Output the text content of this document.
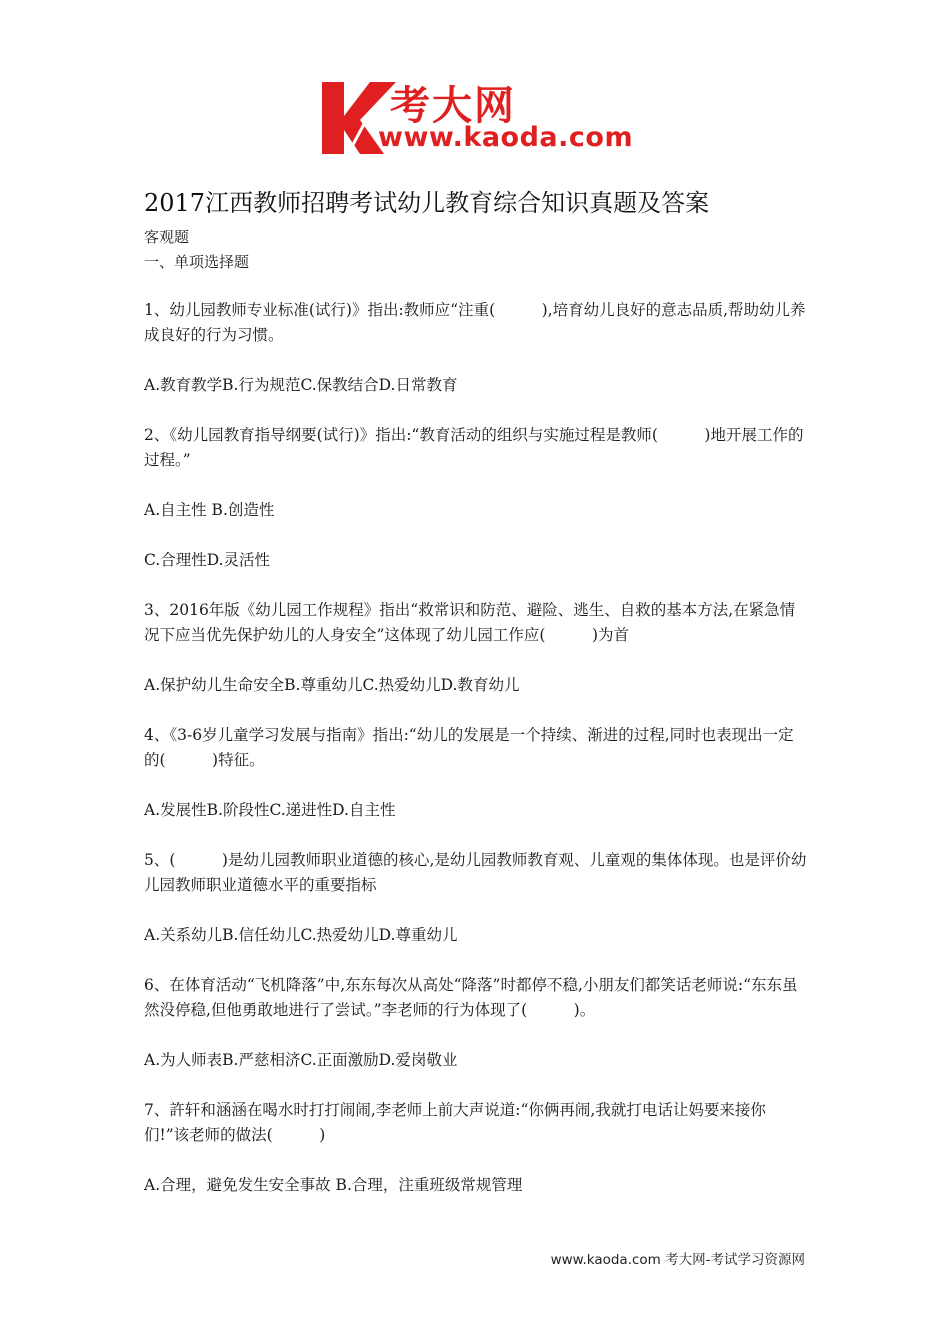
考大网
www.kaoda.com
2017江西教师招聘考试幼儿教育综合知识真题及答案
客观题
一、单项选择题

1、幼儿园教师专业标准(试行)》指出:教师应“注重(　　　),培育幼儿良好的意志品质,帮助幼儿养成良好的行为习惯。

A.教育教学B.行为规范C.保教结合D.日常教育

2、《幼儿园教育指导纲要(试行)》指出:“教育活动的组织与实施过程是教师(　　　)地开展工作的过程。”

A.自主性 B.创造性

C.合理性D.灵活性

3、2016年版《幼儿园工作规程》指出“救常识和防范、避险、逃生、自救的基本方法,在紧急情况下应当优先保护幼儿的人身安全”这体现了幼儿园工作应(　　　)为首

A.保护幼儿生命安全B.尊重幼儿C.热爱幼儿D.教育幼儿

4、《3-6岁儿童学习发展与指南》指出:“幼儿的发展是一个持续、渐进的过程,同时也表现出一定的(　　　)特征。

A.发展性B.阶段性C.递进性D.自主性

5、(　　　)是幼儿园教师职业道德的核心,是幼儿园教师教育观、儿童观的集体体现。也是评价幼儿园教师职业道德水平的重要指标

A.关系幼儿B.信任幼儿C.热爱幼儿D.尊重幼儿

6、在体育活动“飞机降落”中,东东每次从高处“降落”时都停不稳,小朋友们都笑话老师说:“东东虽然没停稳,但他勇敢地进行了尝试。”李老师的行为体现了(　　　)。

A.为人师表B.严慈相济C.正面激励D.爱岗敬业

7、許轩和涵涵在喝水时打打闹闹,李老师上前大声说道:“你俩再闹,我就打电话让妈要来接你们!”该老师的做法(　　　)

A.合理，避免发生安全事故 B.合理，注重班级常规管理

www.kaoda.com 考大网-考试学习资源网
